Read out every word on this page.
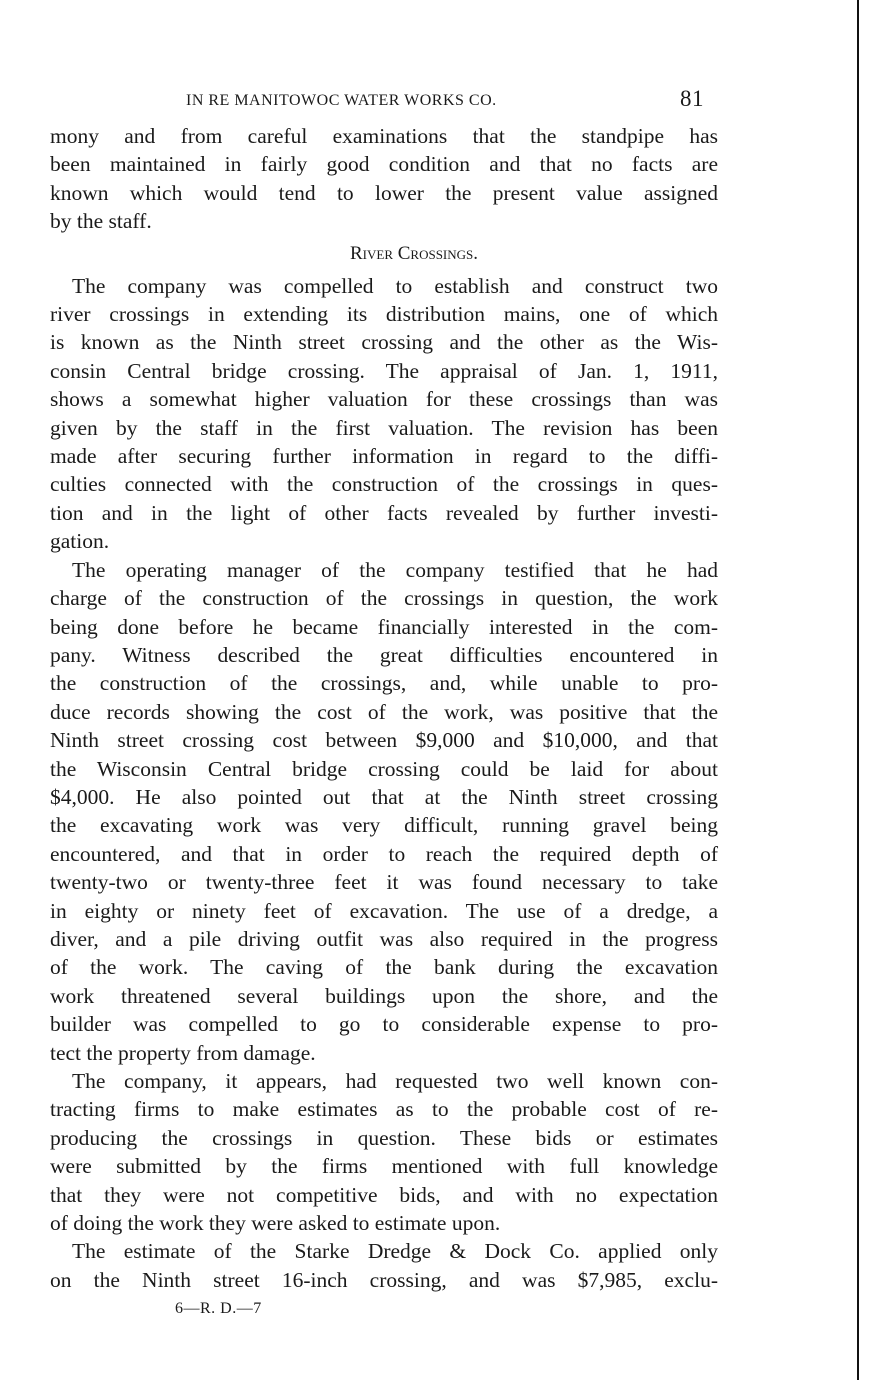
IN RE MANITOWOC WATER WORKS CO.	81

mony and from careful examinations that the standpipe has
been maintained in fairly good condition and that no facts are
known which would tend to lower the present value assigned
by the staff.

River Crossings.

The company was compelled to establish and construct two
river crossings in extending its distribution mains, one of which
is known as the Ninth street crossing and the other as the Wis-
consin Central bridge crossing. The appraisal of Jan. 1, 1911,
shows a somewhat higher valuation for these crossings than was
given by the staff in the first valuation. The revision has been
made after securing further information in regard to the diffi-
culties connected with the construction of the crossings in ques-
tion and in the light of other facts revealed by further investi-
gation.

The operating manager of the company testified that he had
charge of the construction of the crossings in question, the work
being done before he became financially interested in the com-
pany. Witness described the great difficulties encountered in
the construction of the crossings, and, while unable to pro-
duce records showing the cost of the work, was positive that the
Ninth street crossing cost between $9,000 and $10,000, and that
the Wisconsin Central bridge crossing could be laid for about
$4,000. He also pointed out that at the Ninth street crossing
the excavating work was very difficult, running gravel being
encountered, and that in order to reach the required depth of
twenty-two or twenty-three feet it was found necessary to take
in eighty or ninety feet of excavation. The use of a dredge, a
diver, and a pile driving outfit was also required in the progress
of the work. The caving of the bank during the excavation
work threatened several buildings upon the shore, and the
builder was compelled to go to considerable expense to pro-
tect the property from damage.

The company, it appears, had requested two well known con-
tracting firms to make estimates as to the probable cost of re-
producing the crossings in question. These bids or estimates
were submitted by the firms mentioned with full knowledge
that they were not competitive bids, and with no expectation
of doing the work they were asked to estimate upon.

The estimate of the Starke Dredge & Dock Co. applied only
on the Ninth street 16-inch crossing, and was $7,985, exclu-

6—R. D.—7
